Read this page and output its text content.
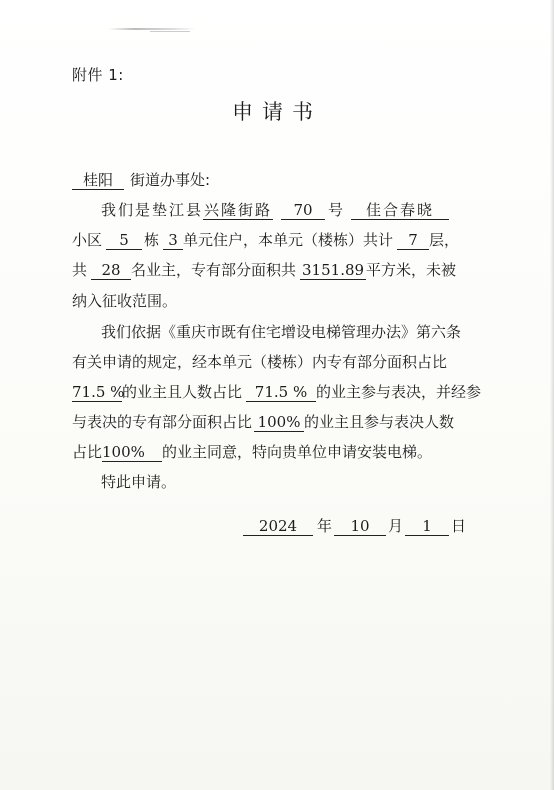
附件 1:
申请书
桂阳 街道办事处:
我们是垫江县兴隆街路 70 号 佳合春晓
小区 5 栋 3 单元住户，本单元（楼栋）共计 7 层，
共 28 名业主，专有部分面积共 3151.89 平方米，未被
纳入征收范围。
我们依据《重庆市既有住宅增设电梯管理办法》第六条
有关申请的规定，经本单元（楼栋）内专有部分面积占比
71.5 %的业主且人数占比 71.5 % 的业主参与表决，并经参
与表决的专有部分面积占比 100% 的业主且参与表决人数
占比100% 的业主同意，特向贵单位申请安装电梯。
特此申请。
2024 年 10 月 1 日
